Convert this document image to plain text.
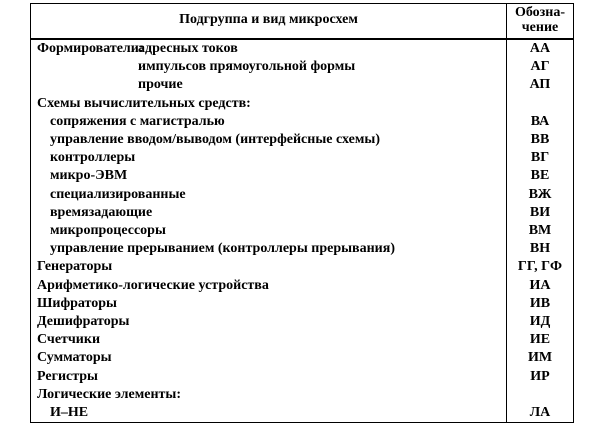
Подгруппа и вид микросхем	Обозна-
чение
Формирователи:
адресных токов	АА
импульсов прямоугольной формы	АГ
прочие	АП
Схемы вычислительных средств:	
сопряжения с магистралью	ВА
управление вводом/выводом (интерфейсные схемы)	ВВ
контроллеры	ВГ
микро-ЭВМ	ВЕ
специализированные	ВЖ
времязадающие	ВИ
микропроцессоры	ВМ
управление прерыванием (контроллеры прерывания)	ВН
Генераторы	ГГ, ГФ
Арифметико-логические устройства	ИА
Шифраторы	ИВ
Дешифраторы	ИД
Счетчики	ИЕ
Сумматоры	ИМ
Регистры	ИР
Логические элементы:	
И–НЕ	ЛА
